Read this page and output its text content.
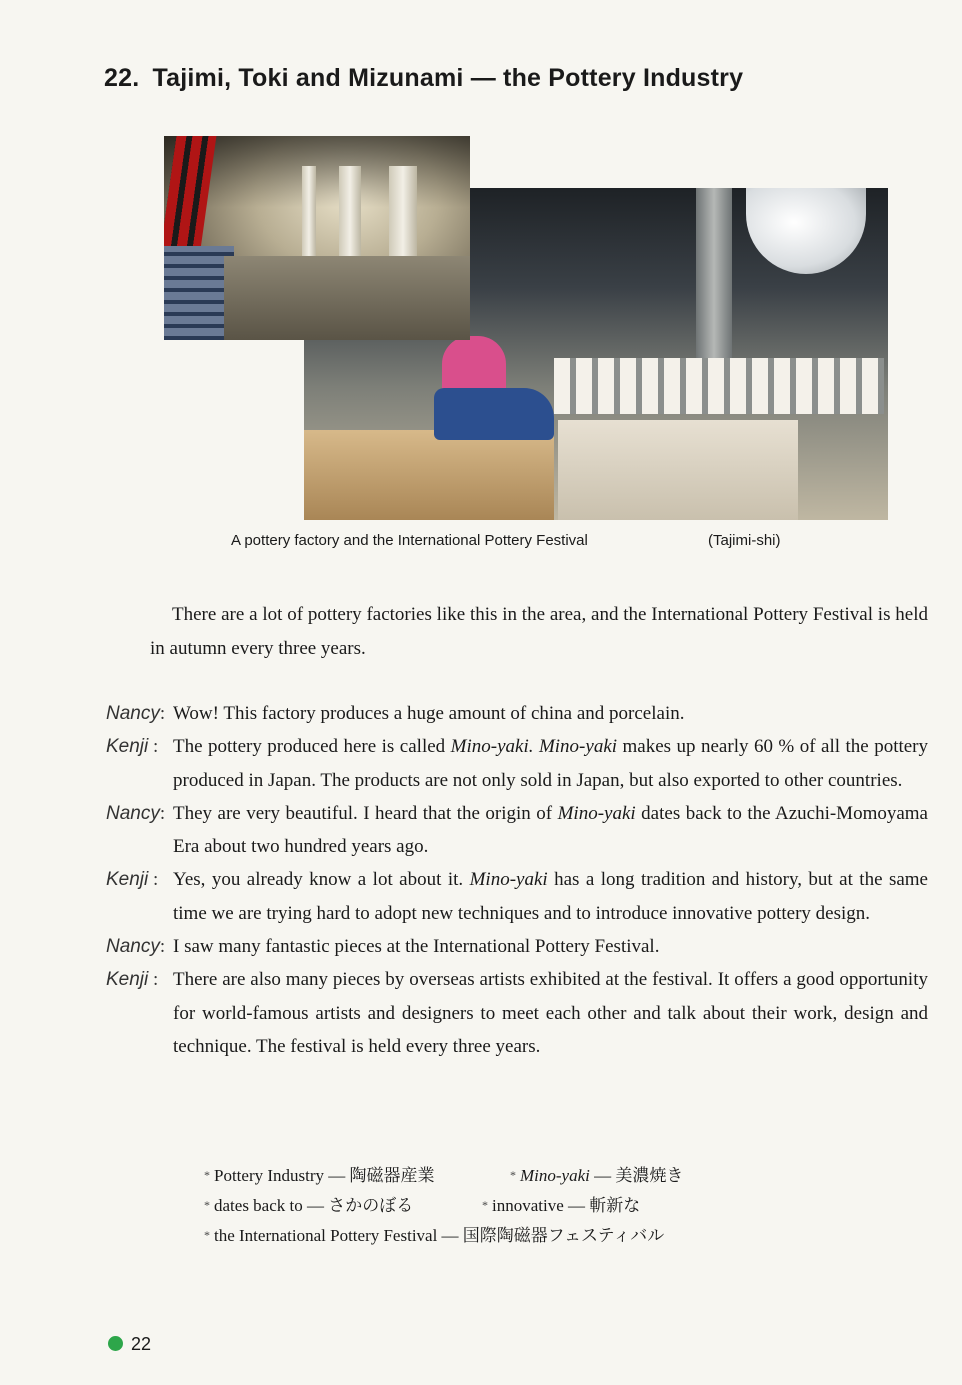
22. Tajimi, Toki and Mizunami — the Pottery Industry
A pottery factory and the International Pottery Festival	(Tajimi-shi)

There are a lot of pottery factories like this in the area, and the International Pottery Festival is held in autumn every three years.

Nancy: Wow! This factory produces a huge amount of china and porcelain.
Kenji : The pottery produced here is called Mino-yaki. Mino-yaki makes up nearly 60 % of all the pottery produced in Japan. The products are not only sold in Japan, but also exported to other countries.
Nancy: They are very beautiful. I heard that the origin of Mino-yaki dates back to the Azuchi-Momoyama Era about two hundred years ago.
Kenji : Yes, you already know a lot about it. Mino-yaki has a long tradition and history, but at the same time we are trying hard to adopt new techniques and to introduce innovative pottery design.
Nancy: I saw many fantastic pieces at the International Pottery Festival.
Kenji : There are also many pieces by overseas artists exhibited at the festival. It offers a good opportunity for world-famous artists and designers to meet each other and talk about their work, design and technique. The festival is held every three years.
* Pottery Industry — 陶磁器産業	* Mino-yaki — 美濃焼き
* dates back to — さかのぼる	* innovative — 斬新な
* the International Pottery Festival — 国際陶磁器フェスティバル
22
